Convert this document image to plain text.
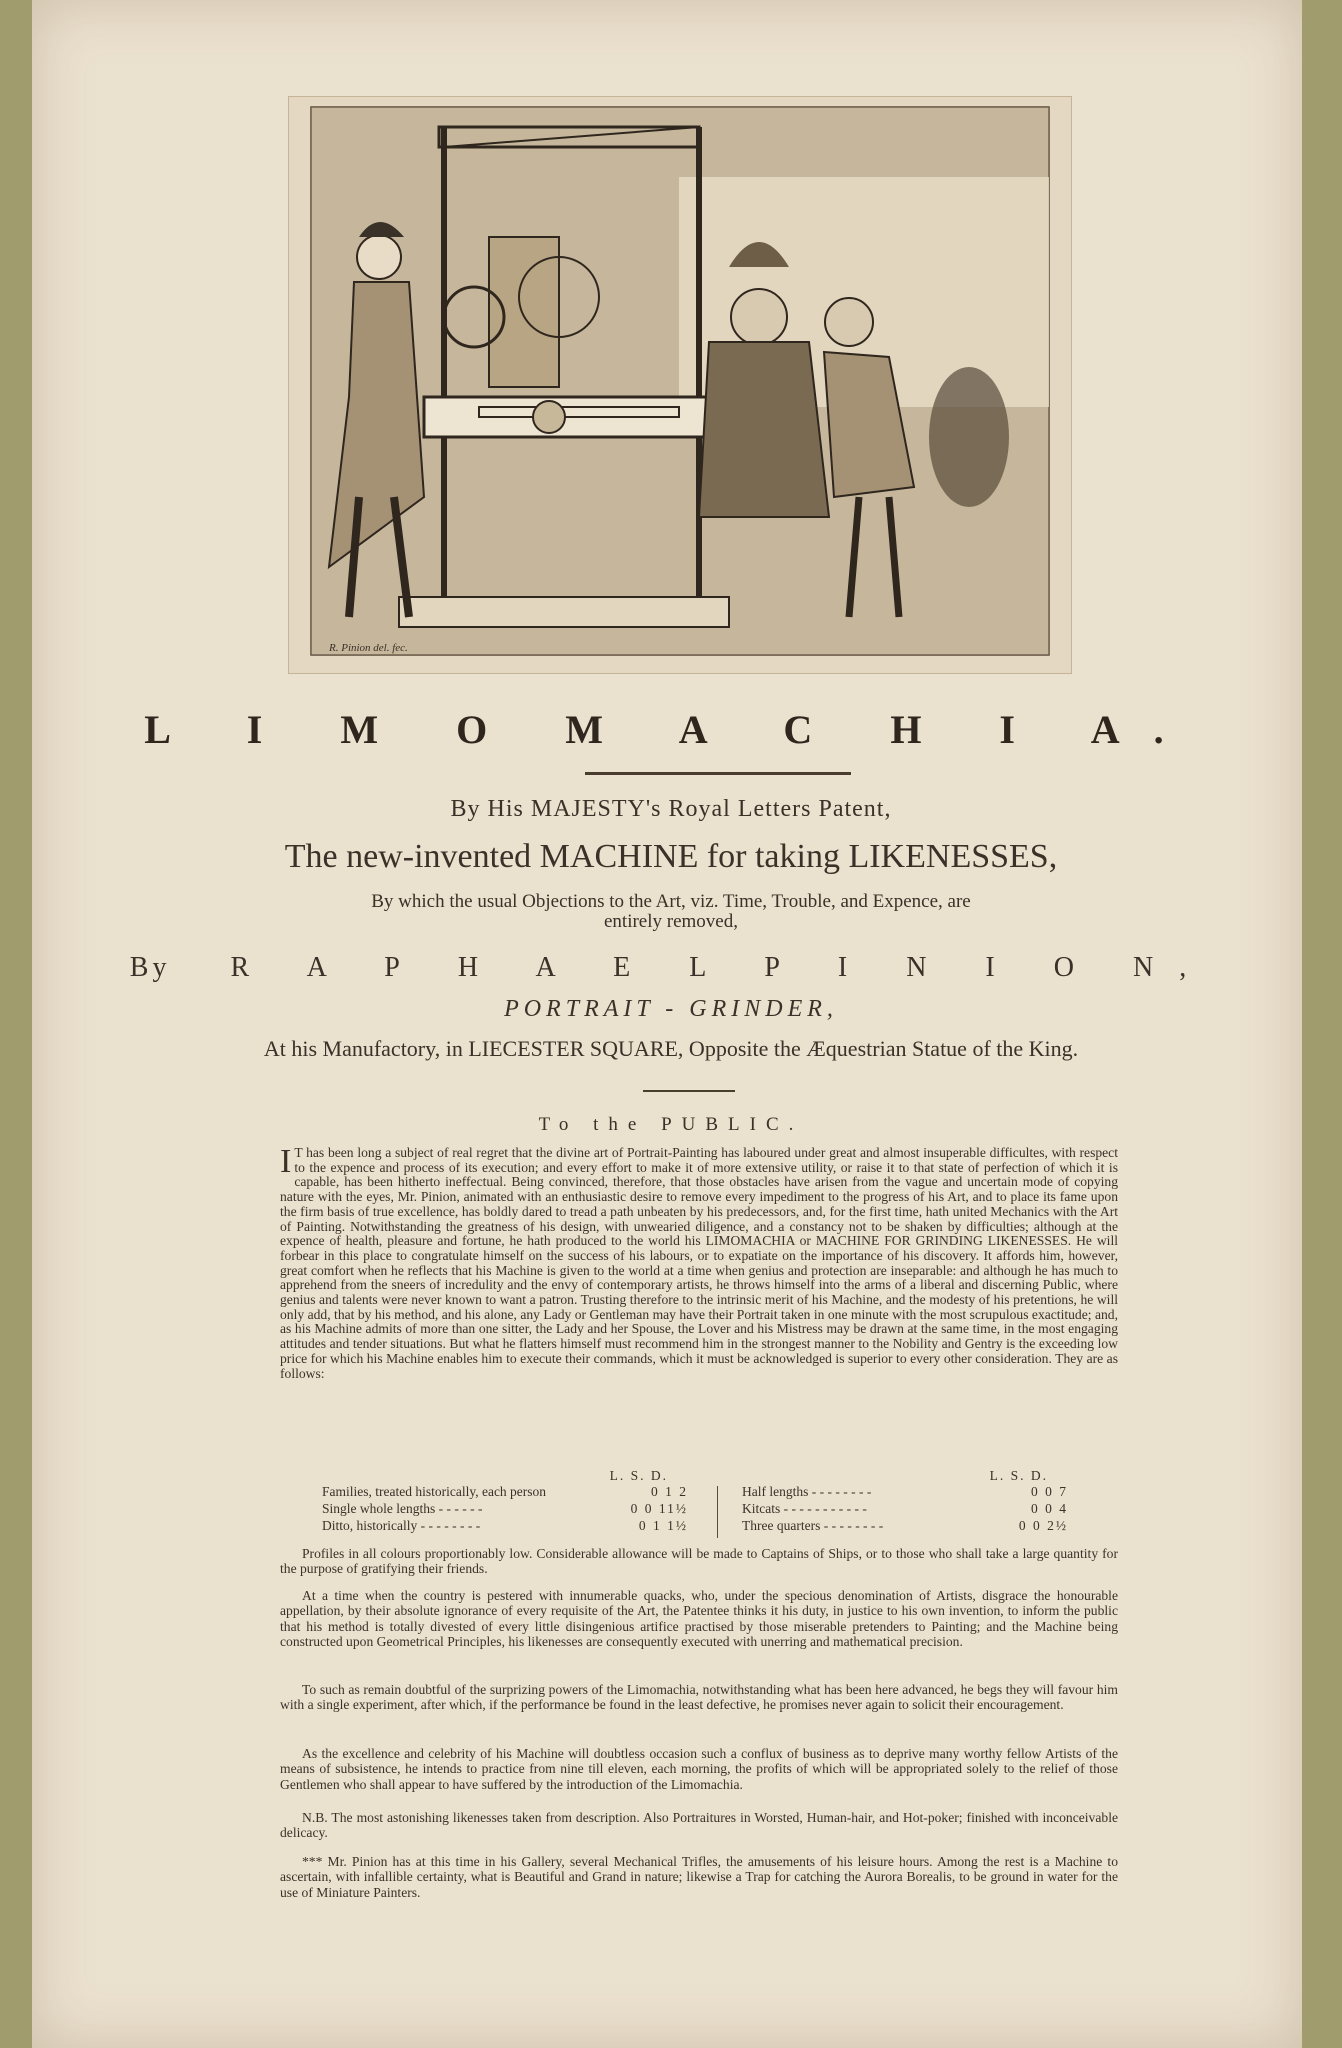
R. Pinion del. fec.
L I M O M A C H I A.
By His MAJESTY's Royal Letters Patent,
The new-invented MACHINE for taking LIKENESSES,
By which the usual Objections to the Art, viz. Time, Trouble, and Expence, are
entirely removed,
By R A P H A E L P I N I O N,
PORTRAIT - GRINDER,
At his Manufactory, in LIECESTER SQUARE, Opposite the Æquestrian Statue of the King.
To the PUBLIC.
I T has been long a subject of real regret that the divine art of Portrait-Painting has laboured under great and almost insuperable difficultes, with respect to the expence and process of its execution; and every effort to make it of more extensive utility, or raise it to that state of perfection of which it is capable, has been hitherto ineffectual. Being convinced, therefore, that those obstacles have arisen from the vague and uncertain mode of copying nature with the eyes, Mr. Pinion, animated with an enthusiastic desire to remove every impediment to the progress of his Art, and to place its fame upon the firm basis of true excellence, has boldly dared to tread a path unbeaten by his predecessors, and, for the first time, hath united Mechanics with the Art of Painting. Notwithstanding the greatness of his design, with unwearied diligence, and a constancy not to be shaken by difficulties; although at the expence of health, pleasure and fortune, he hath produced to the world his LIMOMACHIA or MACHINE FOR GRINDING LIKENESSES. He will forbear in this place to congratulate himself on the success of his labours, or to expatiate on the importance of his discovery. It affords him, however, great comfort when he reflects that his Machine is given to the world at a time when genius and protection are inseparable: and although he has much to apprehend from the sneers of incredulity and the envy of contemporary artists, he throws himself into the arms of a liberal and discerning Public, where genius and talents were never known to want a patron. Trusting therefore to the intrinsic merit of his Machine, and the modesty of his pretentions, he will only add, that by his method, and his alone, any Lady or Gentleman may have their Portrait taken in one minute with the most scrupulous exactitude; and, as his Machine admits of more than one sitter, the Lady and her Spouse, the Lover and his Mistress may be drawn at the same time, in the most engaging attitudes and tender situations. But what he flatters himself must recommend him in the strongest manner to the Nobility and Gentry is the exceeding low price for which his Machine enables him to execute their commands, which it must be acknowledged is superior to every other consideration. They are as follows:
L. S. D.
Families, treated historically, each person	0 1 2
Single whole lengths - - - - - -	0 0 11½
Ditto, historically - - - - - - - -	0 1 1½
L. S. D.
Half lengths - - - - - - - -	0 0 7
Kitcats - - - - - - - - - - -	0 0 4
Three quarters - - - - - - - -	0 0 2½
Profiles in all colours proportionably low. Considerable allowance will be made to Captains of Ships, or to those who shall take a large quantity for the purpose of gratifying their friends.
At a time when the country is pestered with innumerable quacks, who, under the specious denomination of Artists, disgrace the honourable appellation, by their absolute ignorance of every requisite of the Art, the Patentee thinks it his duty, in justice to his own invention, to inform the public that his method is totally divested of every little disingenious artifice practised by those miserable pretenders to Painting; and the Machine being constructed upon Geometrical Principles, his likenesses are consequently executed with unerring and mathematical precision.
To such as remain doubtful of the surprizing powers of the Limomachia, notwithstanding what has been here advanced, he begs they will favour him with a single experiment, after which, if the performance be found in the least defective, he promises never again to solicit their encouragement.
As the excellence and celebrity of his Machine will doubtless occasion such a conflux of business as to deprive many worthy fellow Artists of the means of subsistence, he intends to practice from nine till eleven, each morning, the profits of which will be appropriated solely to the relief of those Gentlemen who shall appear to have suffered by the introduction of the Limomachia.
N.B. The most astonishing likenesses taken from description. Also Portraitures in Worsted, Human-hair, and Hot-poker; finished with inconceivable delicacy.
*** Mr. Pinion has at this time in his Gallery, several Mechanical Trifles, the amusements of his leisure hours. Among the rest is a Machine to ascertain, with infallible certainty, what is Beautiful and Grand in nature; likewise a Trap for catching the Aurora Borealis, to be ground in water for the use of Miniature Painters.
